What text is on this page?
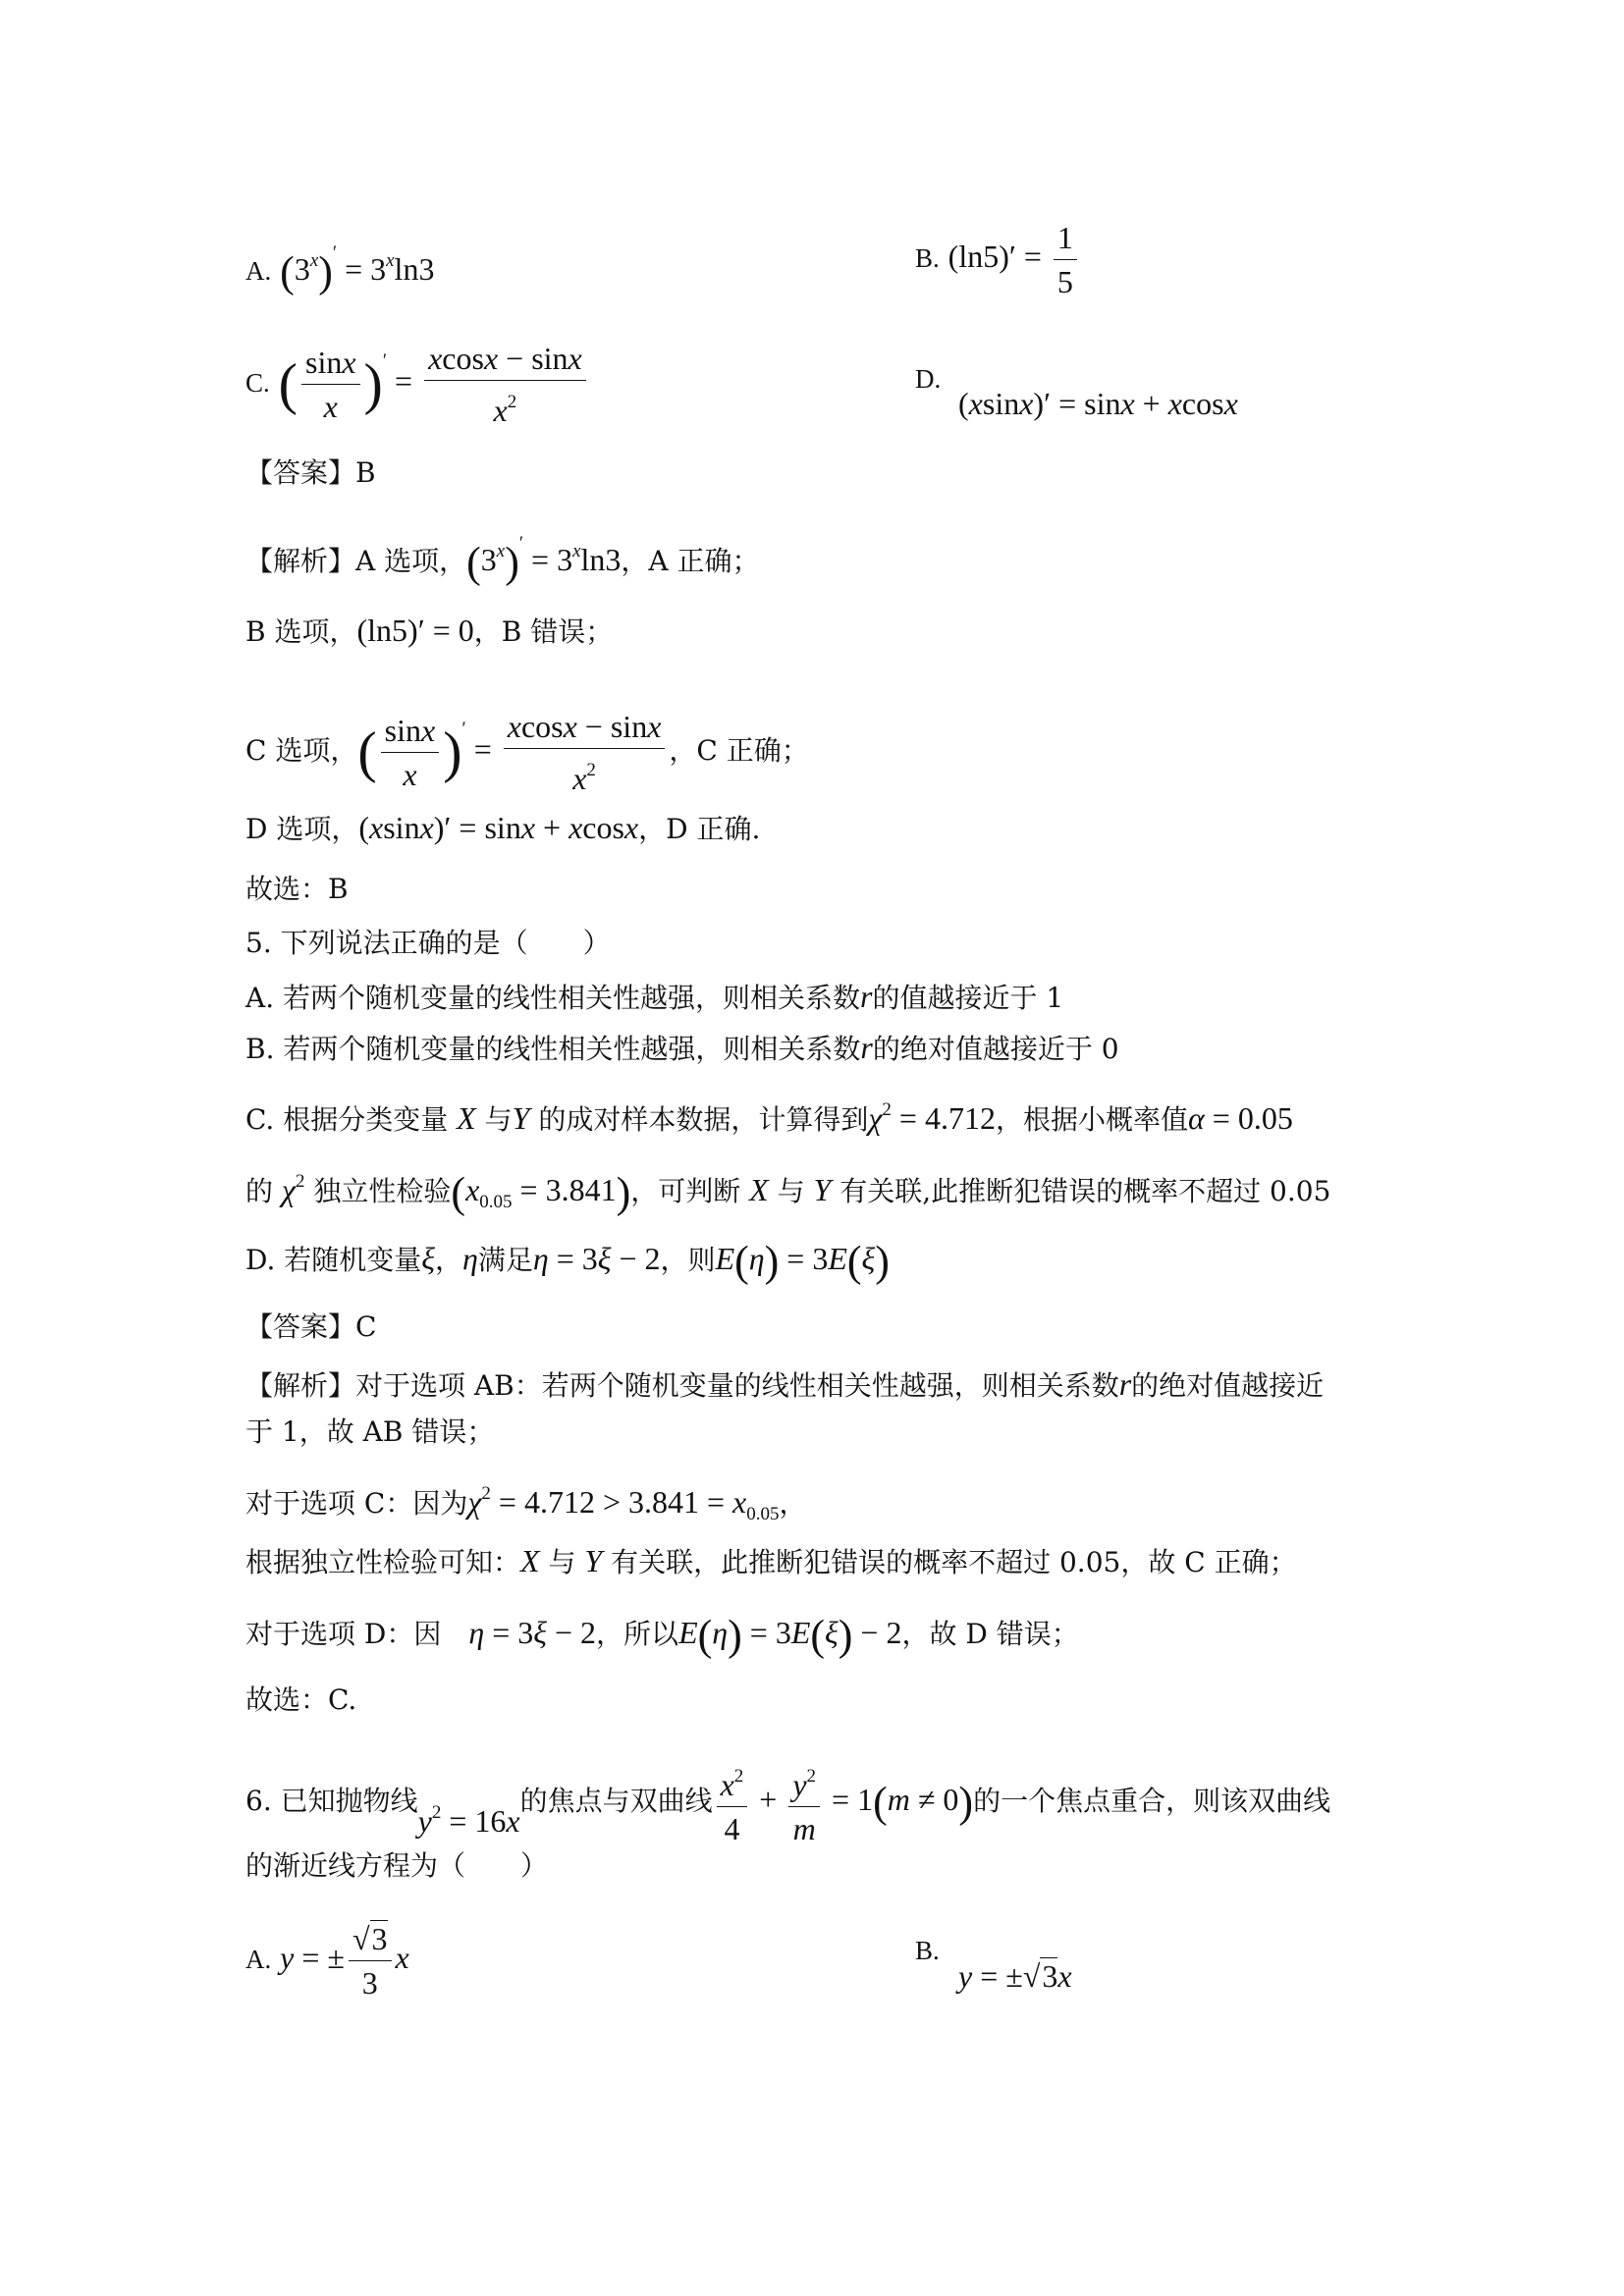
A. $(3^x)' = 3^x\ln 3$	B. $(\ln 5)' = \frac{1}{5}$
C. ( $\frac{\sin x}{x} )' = \frac{xcosx - \sin x}{x^2}$	D.
(xsinx)′ = sinx + xcosx
【答案】B
【解析】A 选项，$(3^x)' = 3^x\ln 3$，A 正确；
B 选项，(ln5)′ = 0，B 错误；
C 选项，( $\frac{\sin x}{x} )' = \frac{xcosx - \sin x}{x^2}$ ，C 正确；
D 选项，(xsinx)′ = sinx + xcosx，D 正确.
故选：B
5. 下列说法正确的是（　　）
A. 若两个随机变量的线性相关性越强，则相关系数r的值越接近于 1
B. 若两个随机变量的线性相关性越强，则相关系数r的绝对值越接近于 0
C. 根据分类变量 X 与Y 的成对样本数据，计算得到$\chi^2 = 4.712$，根据小概率值α = 0.05
的 $\chi^2$ 独立性检验$(x_{0.05} = 3.841)$，可判断 X 与 Y 有关联,此推断犯错误的概率不超过 0.05
D. 若随机变量ξ，η满足η = 3ξ − 2，则E(η) = 3E(ξ)
【答案】C
【解析】对于选项 AB：若两个随机变量的线性相关性越强，则相关系数r的绝对值越接近
于 1，故 AB 错误；
对于选项 C：因为$\chi^2 = 4.712 > 3.841 = x_{0.05}$，
根据独立性检验可知：X 与 Y 有关联，此推断犯错误的概率不超过 0.05，故 C 正确；
对于选项 D：因　 η = 3ξ − 2，所以E(η) = 3E(ξ) − 2，故 D 错误；
故选：C.
6. 已知抛物线$y^2 = 16x$的焦点与双曲线 $\frac{x^2}{4} + \frac{y^2}{m} = 1(m \ne 0)$的一个焦点重合，则该双曲线
的渐近线方程为（　　）
A. y = ± $\frac{√3}{3}$ x	B.
y = ±√3x
